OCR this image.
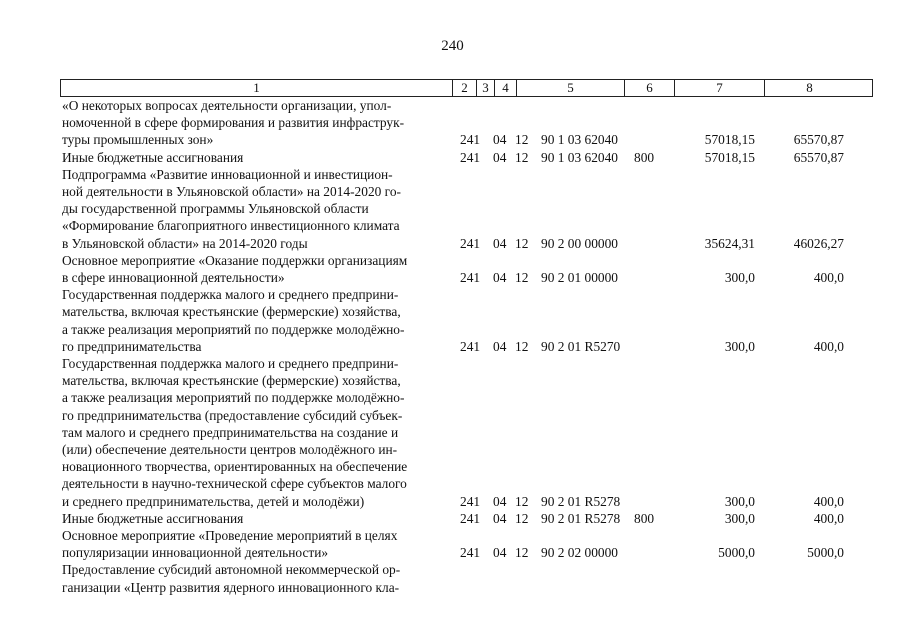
240
1	2	3	4	5	6	7	8
«О некоторых вопросах деятельности организации, упол-
номоченной в сфере формирования и развития инфраструк-
туры промышленных зон»	241 04 12 90 1 03 62040	57018,15	65570,87
Иные бюджетные ассигнования	241 04 12 90 1 03 62040 800	57018,15	65570,87
Подпрограмма «Развитие инновационной и инвестицион-
ной деятельности в Ульяновской области» на 2014-2020 го-
ды государственной программы Ульяновской области
«Формирование благоприятного инвестиционного климата
в Ульяновской области» на 2014-2020 годы	241 04 12 90 2 00 00000	35624,31	46026,27
Основное мероприятие «Оказание поддержки организациям
в сфере инновационной деятельности»	241 04 12 90 2 01 00000	300,0	400,0
Государственная поддержка малого и среднего предприни-
мательства, включая крестьянские (фермерские) хозяйства,
а также реализация мероприятий по поддержке молодёжно-
го предпринимательства	241 04 12 90 2 01 R5270	300,0	400,0
Государственная поддержка малого и среднего предприни-
мательства, включая крестьянские (фермерские) хозяйства,
а также реализация мероприятий по поддержке молодёжно-
го предпринимательства (предоставление субсидий субъек-
там малого и среднего предпринимательства на создание и
(или) обеспечение деятельности центров молодёжного ин-
новационного творчества, ориентированных на обеспечение
деятельности в научно-технической сфере субъектов малого
и среднего предпринимательства, детей и молодёжи)	241 04 12 90 2 01 R5278	300,0	400,0
Иные бюджетные ассигнования	241 04 12 90 2 01 R5278 800	300,0	400,0
Основное мероприятие «Проведение мероприятий в целях
популяризации инновационной деятельности»	241 04 12 90 2 02 00000	5000,0	5000,0
Предоставление субсидий автономной некоммерческой ор-
ганизации «Центр развития ядерного инновационного кла-
